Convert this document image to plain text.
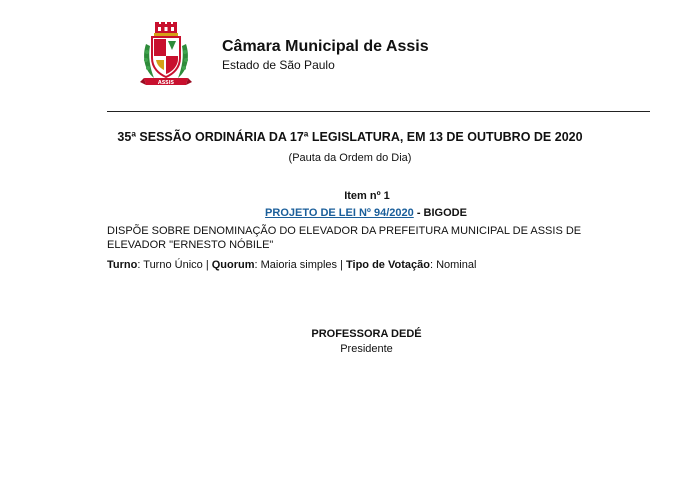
ASSIS
Câmara Municipal de Assis
Estado de São Paulo
35ª SESSÃO ORDINÁRIA DA 17ª LEGISLATURA, EM 13 DE OUTUBRO DE 2020
(Pauta da Ordem do Dia)
Item nº 1
PROJETO DE LEI Nº 94/2020 - BIGODE
DISPÕE SOBRE DENOMINAÇÃO DO ELEVADOR DA PREFEITURA MUNICIPAL DE ASSIS DE ELEVADOR "ERNESTO NÓBILE"
Turno: Turno Único | Quorum: Maioria simples | Tipo de Votação: Nominal
PROFESSORA DEDÉ
Presidente
